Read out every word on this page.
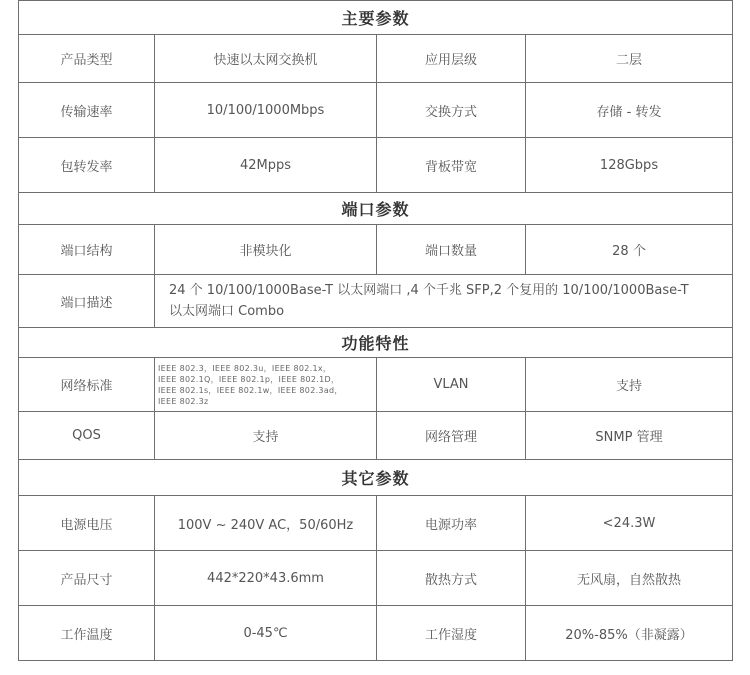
主要参数			
产品类型	快速以太网交换机	应用层级	二层
传输速率	10/100/1000Mbps	交换方式	存储 - 转发
包转发率	42Mpps	背板带宽	128Gbps
端口参数			
端口结构	非模块化	端口数量	28 个
端口描述	24 个 10/100/1000Base-T 以太网端口 ,4 个千兆 SFP,2 个复用的 10/100/1000Base-T
以太网端口 Combo		

功能特性			
网络标准	IEEE 802.3，IEEE 802.3u，IEEE 802.1x，
IEEE 802.1Q，IEEE 802.1p，IEEE 802.1D，
IEEE 802.1s，IEEE 802.1w，IEEE 802.3ad，
IEEE 802.3z	VLAN	支持
QOS	支持	网络管理	SNMP 管理
其它参数			
电源电压	100V ~ 240V AC，50/60Hz	电源功率	<24.3W
产品尺寸	442*220*43.6mm	散热方式	无风扇，自然散热
工作温度	0-45℃	工作湿度	20%-85%（非凝露）
